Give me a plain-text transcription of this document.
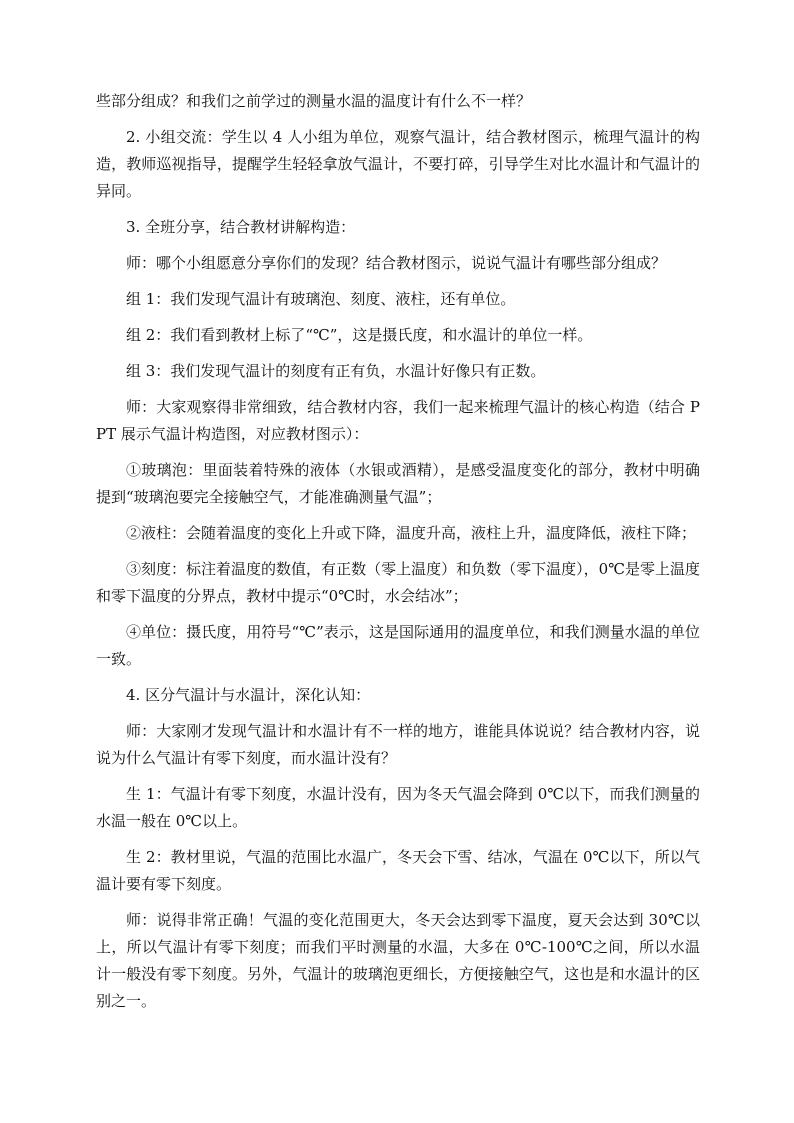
些部分组成？和我们之前学过的测量水温的温度计有什么不一样？

2. 小组交流：学生以 4 人小组为单位，观察气温计，结合教材图示，梳理气温计的构造，教师巡视指导，提醒学生轻轻拿放气温计，不要打碎，引导学生对比水温计和气温计的异同。

3. 全班分享，结合教材讲解构造：

师：哪个小组愿意分享你们的发现？结合教材图示，说说气温计有哪些部分组成？

组 1：我们发现气温计有玻璃泡、刻度、液柱，还有单位。

组 2：我们看到教材上标了“℃”，这是摄氏度，和水温计的单位一样。

组 3：我们发现气温计的刻度有正有负，水温计好像只有正数。

师：大家观察得非常细致，结合教材内容，我们一起来梳理气温计的核心构造（结合 PPT 展示气温计构造图，对应教材图示）：

①玻璃泡：里面装着特殊的液体（水银或酒精），是感受温度变化的部分，教材中明确提到“玻璃泡要完全接触空气，才能准确测量气温”；

②液柱：会随着温度的变化上升或下降，温度升高，液柱上升，温度降低，液柱下降；

③刻度：标注着温度的数值，有正数（零上温度）和负数（零下温度），0℃是零上温度和零下温度的分界点，教材中提示“0℃时，水会结冰”；

④单位：摄氏度，用符号“℃”表示，这是国际通用的温度单位，和我们测量水温的单位一致。

4. 区分气温计与水温计，深化认知：

师：大家刚才发现气温计和水温计有不一样的地方，谁能具体说说？结合教材内容，说说为什么气温计有零下刻度，而水温计没有？

生 1：气温计有零下刻度，水温计没有，因为冬天气温会降到 0℃以下，而我们测量的水温一般在 0℃以上。

生 2：教材里说，气温的范围比水温广，冬天会下雪、结冰，气温在 0℃以下，所以气温计要有零下刻度。

师：说得非常正确！气温的变化范围更大，冬天会达到零下温度，夏天会达到 30℃以上，所以气温计有零下刻度；而我们平时测量的水温，大多在 0℃-100℃之间，所以水温计一般没有零下刻度。另外，气温计的玻璃泡更细长，方便接触空气，这也是和水温计的区别之一。
